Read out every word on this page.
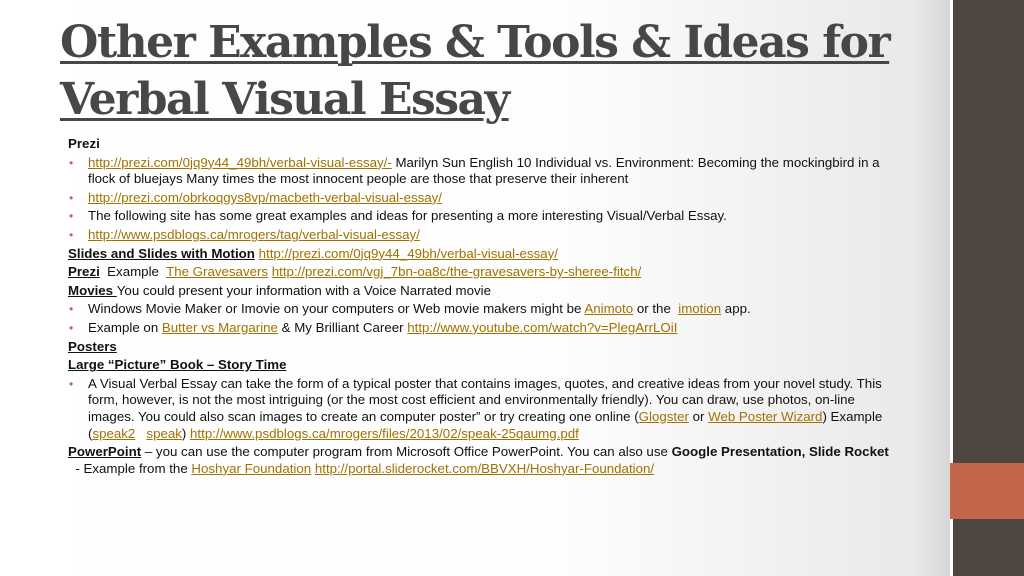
Other Examples & Tools & Ideas for
Verbal Visual Essay
Prezi
• http://prezi.com/0jq9y44_49bh/verbal-visual-essay/- Marilyn Sun English 10 Individual vs. Environment: Becoming the mockingbird in a flock of bluejays Many times the most innocent people are those that preserve their inherent
• http://prezi.com/obrkoqgys8vp/macbeth-verbal-visual-essay/
• The following site has some great examples and ideas for presenting a more interesting Visual/Verbal Essay.
• http://www.psdblogs.ca/mrogers/tag/verbal-visual-essay/
Slides and Slides with Motion http://prezi.com/0jq9y44_49bh/verbal-visual-essay/
Prezi  Example  The Gravesavers http://prezi.com/vgj_7bn-oa8c/the-gravesavers-by-sheree-fitch/
Movies You could present your information with a Voice Narrated movie
• Windows Movie Maker or Imovie on your computers or Web movie makers might be Animoto or the  imotion app.
• Example on Butter vs Margarine & My Brilliant Career http://www.youtube.com/watch?v=PlegArrLOiI
Posters
Large “Picture” Book – Story Time
• A Visual Verbal Essay can take the form of a typical poster that contains images, quotes, and creative ideas from your novel study. This form, however, is not the most intriguing (or the most cost efficient and environmentally friendly). You can draw, use photos, on-line images. You could also scan images to create an computer poster” or try creating one online (Glogster or Web Poster Wizard) Example (speak2 speak) http://www.psdblogs.ca/mrogers/files/2013/02/speak-25qaumg.pdf
PowerPoint – you can use the computer program from Microsoft Office PowerPoint. You can also use Google Presentation, Slide Rocket  - Example from the Hoshyar Foundation http://portal.sliderocket.com/BBVXH/Hoshyar-Foundation/
